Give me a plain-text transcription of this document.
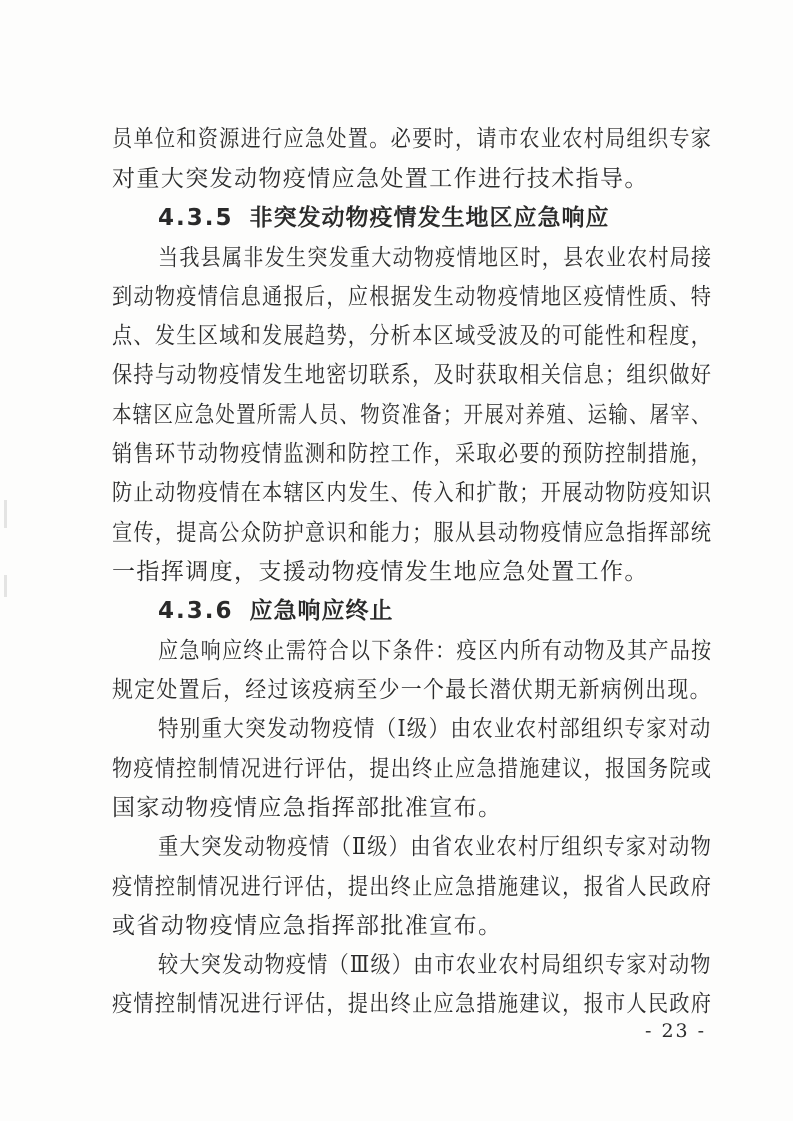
员单位和资源进行应急处置。必要时，请市农业农村局组织专家
对重大突发动物疫情应急处置工作进行技术指导。
4.3.5 非突发动物疫情发生地区应急响应
当我县属非发生突发重大动物疫情地区时，县农业农村局接
到动物疫情信息通报后，应根据发生动物疫情地区疫情性质、特
点、发生区域和发展趋势，分析本区域受波及的可能性和程度，
保持与动物疫情发生地密切联系，及时获取相关信息；组织做好
本辖区应急处置所需人员、物资准备；开展对养殖、运输、屠宰、
销售环节动物疫情监测和防控工作，采取必要的预防控制措施，
防止动物疫情在本辖区内发生、传入和扩散；开展动物防疫知识
宣传，提高公众防护意识和能力；服从县动物疫情应急指挥部统
一指挥调度，支援动物疫情发生地应急处置工作。
4.3.6 应急响应终止
应急响应终止需符合以下条件：疫区内所有动物及其产品按
规定处置后，经过该疫病至少一个最长潜伏期无新病例出现。
特别重大突发动物疫情（Ⅰ级）由农业农村部组织专家对动
物疫情控制情况进行评估，提出终止应急措施建议，报国务院或
国家动物疫情应急指挥部批准宣布。
重大突发动物疫情（Ⅱ级）由省农业农村厅组织专家对动物
疫情控制情况进行评估，提出终止应急措施建议，报省人民政府
或省动物疫情应急指挥部批准宣布。
较大突发动物疫情（Ⅲ级）由市农业农村局组织专家对动物
疫情控制情况进行评估，提出终止应急措施建议，报市人民政府
- 23 -
